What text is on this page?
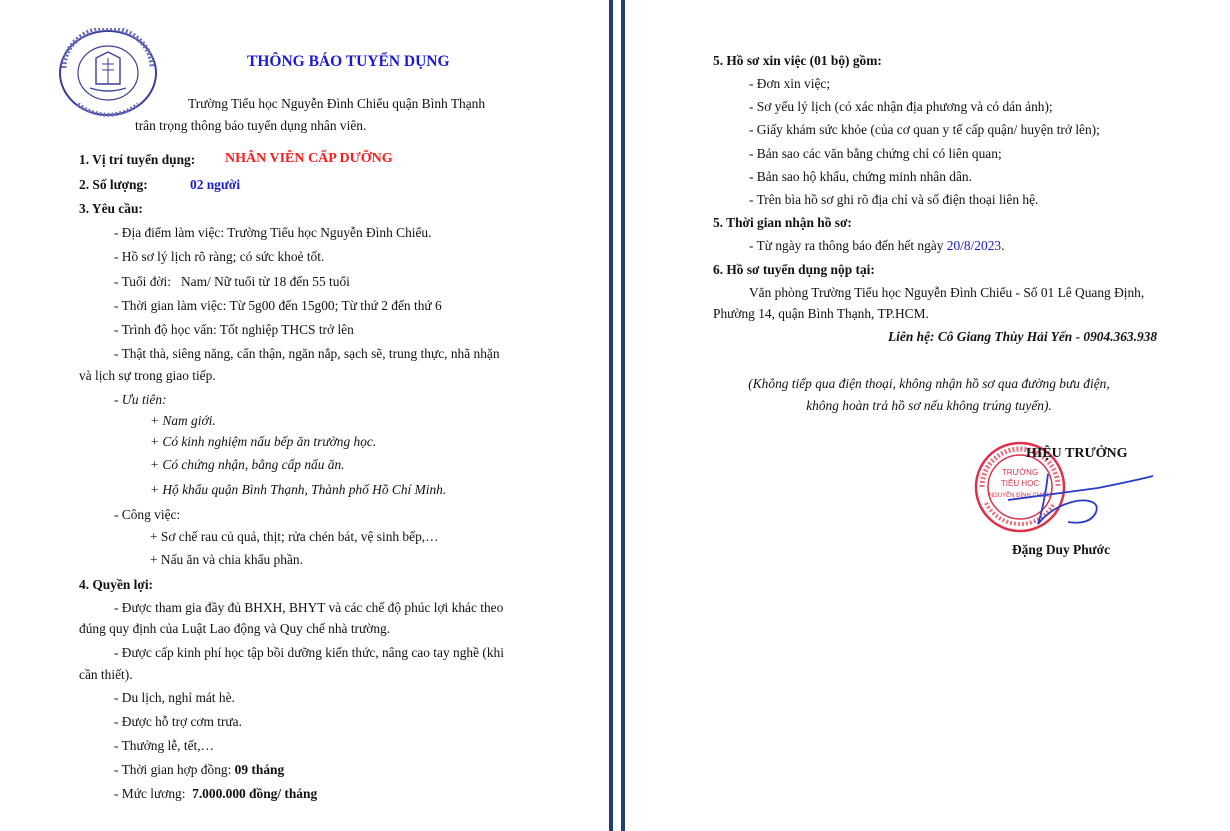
THÔNG BÁO TUYỂN DỤNG
Trường Tiểu học Nguyễn Đình Chiểu quận Bình Thạnh
trân trọng thông báo tuyển dụng nhân viên.
1. Vị trí tuyển dụng: NHÂN VIÊN CẤP DƯỠNG
2. Số lượng:	02 người
3. Yêu cầu:
- Địa điểm làm việc: Trường Tiểu học Nguyễn Đình Chiểu.
- Hồ sơ lý lịch rõ ràng; có sức khoẻ tốt.
- Tuổi đời:   Nam/ Nữ tuổi từ 18 đến 55 tuổi
- Thời gian làm việc: Từ 5g00 đến 15g00; Từ thứ 2 đến thứ 6
- Trình độ học vấn: Tốt nghiệp THCS trở lên
- Thật thà, siêng năng, cẩn thận, ngăn nắp, sạch sẽ, trung thực, nhã nhặn
và lịch sự trong giao tiếp.
- Ưu tiên:
+ Nam giới.
+ Có kinh nghiệm nấu bếp ăn trường học.
+ Có chứng nhận, bằng cấp nấu ăn.
+ Hộ khẩu quận Bình Thạnh, Thành phố Hồ Chí Minh.
- Công việc:
+ Sơ chế rau củ quả, thịt; rửa chén bát, vệ sinh bếp,…
+ Nấu ăn và chia khẩu phần.
4. Quyền lợi:
- Được tham gia đầy đủ BHXH, BHYT và các chế độ phúc lợi khác theo
đúng quy định của Luật Lao động và Quy chế nhà trường.
- Được cấp kinh phí học tập bồi dưỡng kiến thức, nâng cao tay nghề (khi
cần thiết).
- Du lịch, nghỉ mát hè.
- Được hỗ trợ cơm trưa.
- Thưởng lễ, tết,…
- Thời gian hợp đồng: 09 tháng
- Mức lương:  7.000.000 đồng/ tháng
5. Hồ sơ xin việc (01 bộ) gồm:
- Đơn xin việc;
- Sơ yếu lý lịch (có xác nhận địa phương và có dán ảnh);
- Giấy khám sức khỏe (của cơ quan y tế cấp quận/ huyện trở lên);
- Bản sao các văn bằng chứng chỉ có liên quan;
- Bản sao hộ khẩu, chứng minh nhân dân.
- Trên bìa hồ sơ ghi rõ địa chỉ và số điện thoại liên hệ.
5. Thời gian nhận hồ sơ:
- Từ ngày ra thông báo đến hết ngày 20/8/2023.
6. Hồ sơ tuyển dụng nộp tại:
Văn phòng Trường Tiểu học Nguyễn Đình Chiểu - Số 01 Lê Quang Định,
Phường 14, quận Bình Thạnh, TP.HCM.
Liên hệ: Cô Giang Thùy Hải Yến - 0904.363.938
(Không tiếp qua điện thoại, không nhận hồ sơ qua đường bưu điện,
không hoàn trả hồ sơ nếu không trúng tuyển).
TRƯỜNG
TIỂU HỌC
NGUYỄN ĐÌNH CHIỂU
HIỆU TRƯỞNG
Đặng Duy Phước
